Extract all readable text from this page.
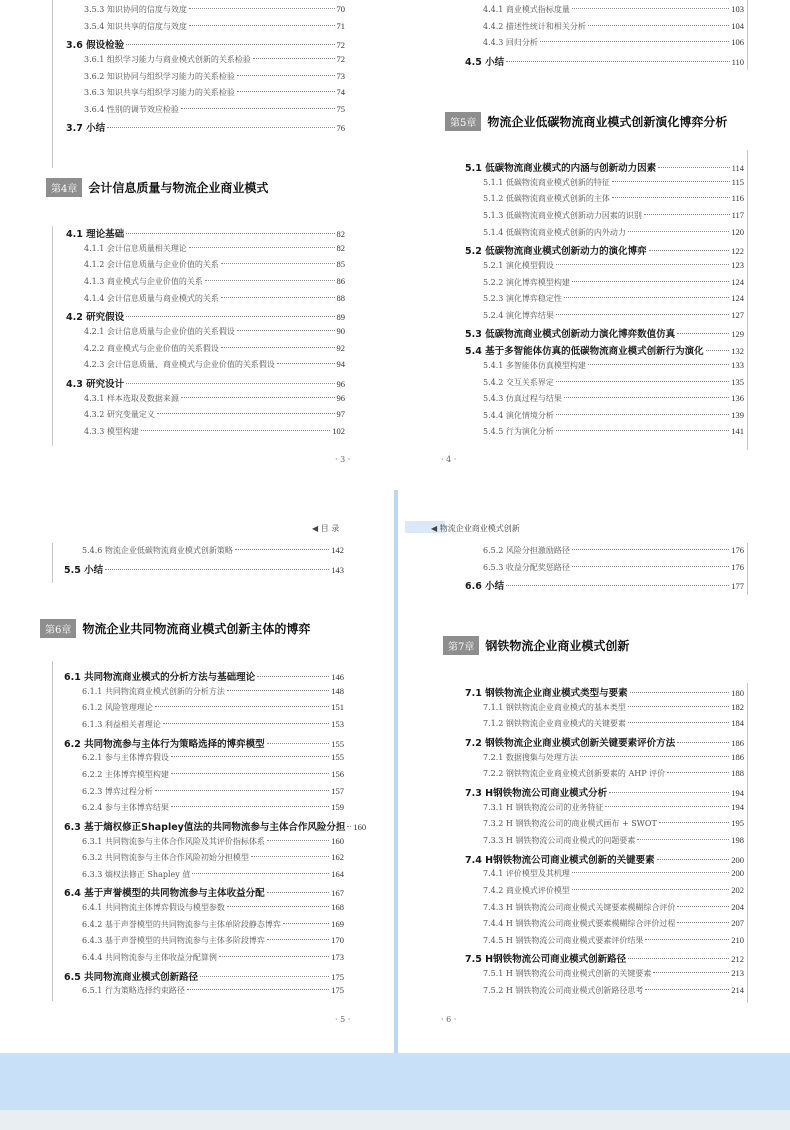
3.5.3 知识协同的信度与效度	70
3.5.4 知识共享的信度与效度	71
3.6 假设检验	72
3.6.1 组织学习能力与商业模式创新的关系检验	72
3.6.2 知识协同与组织学习能力的关系检验	73
3.6.3 知识共享与组织学习能力的关系检验	74
3.6.4 性别的调节效应检验	75
3.7 小结	76
第4章 会计信息质量与物流企业商业模式
4.1 理论基础	82
4.1.1 会计信息质量相关理论	82
4.1.2 会计信息质量与企业价值的关系	85
4.1.3 商业模式与企业价值的关系	86
4.1.4 会计信息质量与商业模式的关系	88
4.2 研究假设	89
4.2.1 会计信息质量与企业价值的关系假设	90
4.2.2 商业模式与企业价值的关系假设	92
4.2.3 会计信息质量、商业模式与企业价值的关系假设	94
4.3 研究设计	96
4.3.1 样本选取及数据来源	96
4.3.2 研究变量定义	97
4.3.3 模型构建	102
· 3 ·
4.4.1 商业模式指标度量	103
4.4.2 描述性统计和相关分析	104
4.4.3 回归分析	106
4.5 小结	110
第5章 物流企业低碳物流商业模式创新演化博弈分析
5.1 低碳物流商业模式的内涵与创新动力因素	114
5.1.1 低碳物流商业模式创新的特征	115
5.1.2 低碳物流商业模式创新的主体	116
5.1.3 低碳物流商业模式创新动力因素的识别	117
5.1.4 低碳物流商业模式创新的内外动力	120
5.2 低碳物流商业模式创新动力的演化博弈	122
5.2.1 演化模型假设	123
5.2.2 演化博弈模型构建	124
5.2.3 演化博弈稳定性	124
5.2.4 演化博弈结果	127
5.3 低碳物流商业模式创新动力演化博弈数值仿真	129
5.4 基于多智能体仿真的低碳物流商业模式创新行为演化	132
5.4.1 多智能体仿真模型构建	133
5.4.2 交互关系界定	135
5.4.3 仿真过程与结果	136
5.4.4 演化情境分析	139
5.4.5 行为演化分析	141
· 4 ·
◀ 目 录
5.4.6 物流企业低碳物流商业模式创新策略	142
5.5 小结	143
第6章 物流企业共同物流商业模式创新主体的博弈
6.1 共同物流商业模式的分析方法与基础理论	146
6.1.1 共同物流商业模式创新的分析方法	148
6.1.2 风险管理理论	151
6.1.3 利益相关者理论	153
6.2 共同物流参与主体行为策略选择的博弈模型	155
6.2.1 参与主体博弈假设	155
6.2.2 主体博弈模型构建	156
6.2.3 博弈过程分析	157
6.2.4 参与主体博弈结果	159
6.3 基于熵权修正Shapley值法的共同物流参与主体合作风险分担 160
6.3.1 共同物流参与主体合作风险及其评价指标体系	160
6.3.2 共同物流参与主体合作风险初始分担模型	162
6.3.3 熵权法修正 Shapley 值	164
6.4 基于声誉模型的共同物流参与主体收益分配	167
6.4.1 共同物流主体博弈假设与模型参数	168
6.4.2 基于声誉模型的共同物流参与主体单阶段静态博弈	169
6.4.3 基于声誉模型的共同物流参与主体多阶段博弈	170
6.4.4 共同物流参与主体收益分配算例	173
6.5 共同物流商业模式创新路径	175
6.5.1 行为策略选择约束路径	175
· 5 ·
◀ 物流企业商业模式创新
6.5.2 风险分担激励路径	176
6.5.3 收益分配奖惩路径	176
6.6 小结	177
第7章 钢铁物流企业商业模式创新
7.1 钢铁物流企业商业模式类型与要素	180
7.1.1 钢铁物流企业商业模式的基本类型	182
7.1.2 钢铁物流企业商业模式的关键要素	184
7.2 钢铁物流企业商业模式创新关键要素评价方法	186
7.2.1 数据搜集与处理方法	186
7.2.2 钢铁物流企业商业模式创新要素的 AHP 评价	188
7.3 H钢铁物流公司商业模式分析	194
7.3.1 H 钢铁物流公司的业务特征	194
7.3.2 H 钢铁物流公司的商业模式画布 + SWOT	195
7.3.3 H 钢铁物流公司商业模式的问题要素	198
7.4 H钢铁物流公司商业模式创新的关键要素	200
7.4.1 评价模型及其机理	200
7.4.2 商业模式评价模型	202
7.4.3 H 钢铁物流公司商业模式关键要素模糊综合评价	204
7.4.4 H 钢铁物流公司商业模式要素模糊综合评价过程	207
7.4.5 H 钢铁物流公司商业模式要素评价结果	210
7.5 H钢铁物流公司商业模式创新路径	212
7.5.1 H 钢铁物流公司商业模式创新的关键要素	213
7.5.2 H 钢铁物流公司商业模式创新路径思考	214
· 6 ·
